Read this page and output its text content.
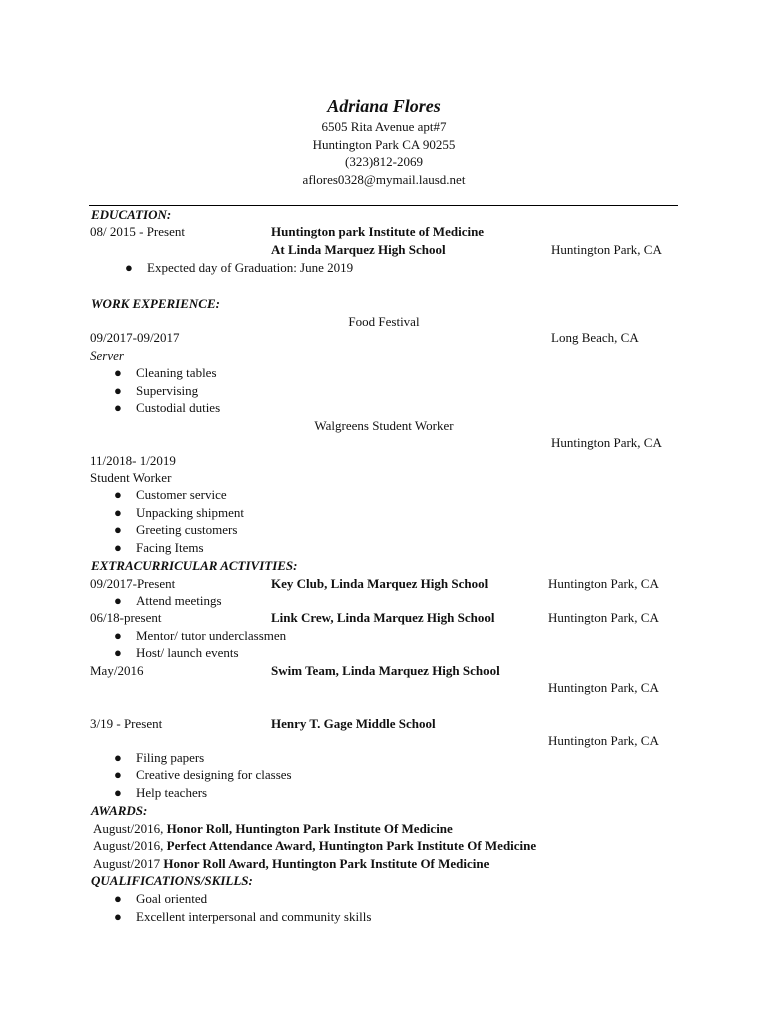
Adriana Flores
6505 Rita Avenue apt#7
Huntington Park CA 90255
(323)812-2069
aflores0328@mymail.lausd.net
EDUCATION:
08/ 2015 - Present	Huntington park Institute of Medicine
At Linda Marquez High School	Huntington Park, CA
● Expected day of Graduation: June 2019
WORK EXPERIENCE:
Food Festival
09/2017-09/2017	Long Beach, CA
Server
● Cleaning tables
● Supervising
● Custodial duties
Walgreens Student Worker
Huntington Park, CA
11/2018- 1/2019
Student Worker
● Customer service
● Unpacking shipment
● Greeting customers
● Facing Items
EXTRACURRICULAR ACTIVITIES:
09/2017-Present	Key Club, Linda Marquez High School	Huntington Park, CA
● Attend meetings
06/18-present	Link Crew, Linda Marquez High School	Huntington Park, CA
● Mentor/ tutor underclassmen
● Host/ launch events
May/2016	Swim Team, Linda Marquez High School
Huntington Park, CA
3/19 - Present	Henry T. Gage Middle School
Huntington Park, CA
● Filing papers
● Creative designing for classes
● Help teachers
AWARDS:
August/2016, Honor Roll, Huntington Park Institute Of Medicine
August/2016, Perfect Attendance Award, Huntington Park Institute Of Medicine
August/2017 Honor Roll Award, Huntington Park Institute Of Medicine
QUALIFICATIONS/SKILLS:
● Goal oriented
● Excellent interpersonal and community skills
